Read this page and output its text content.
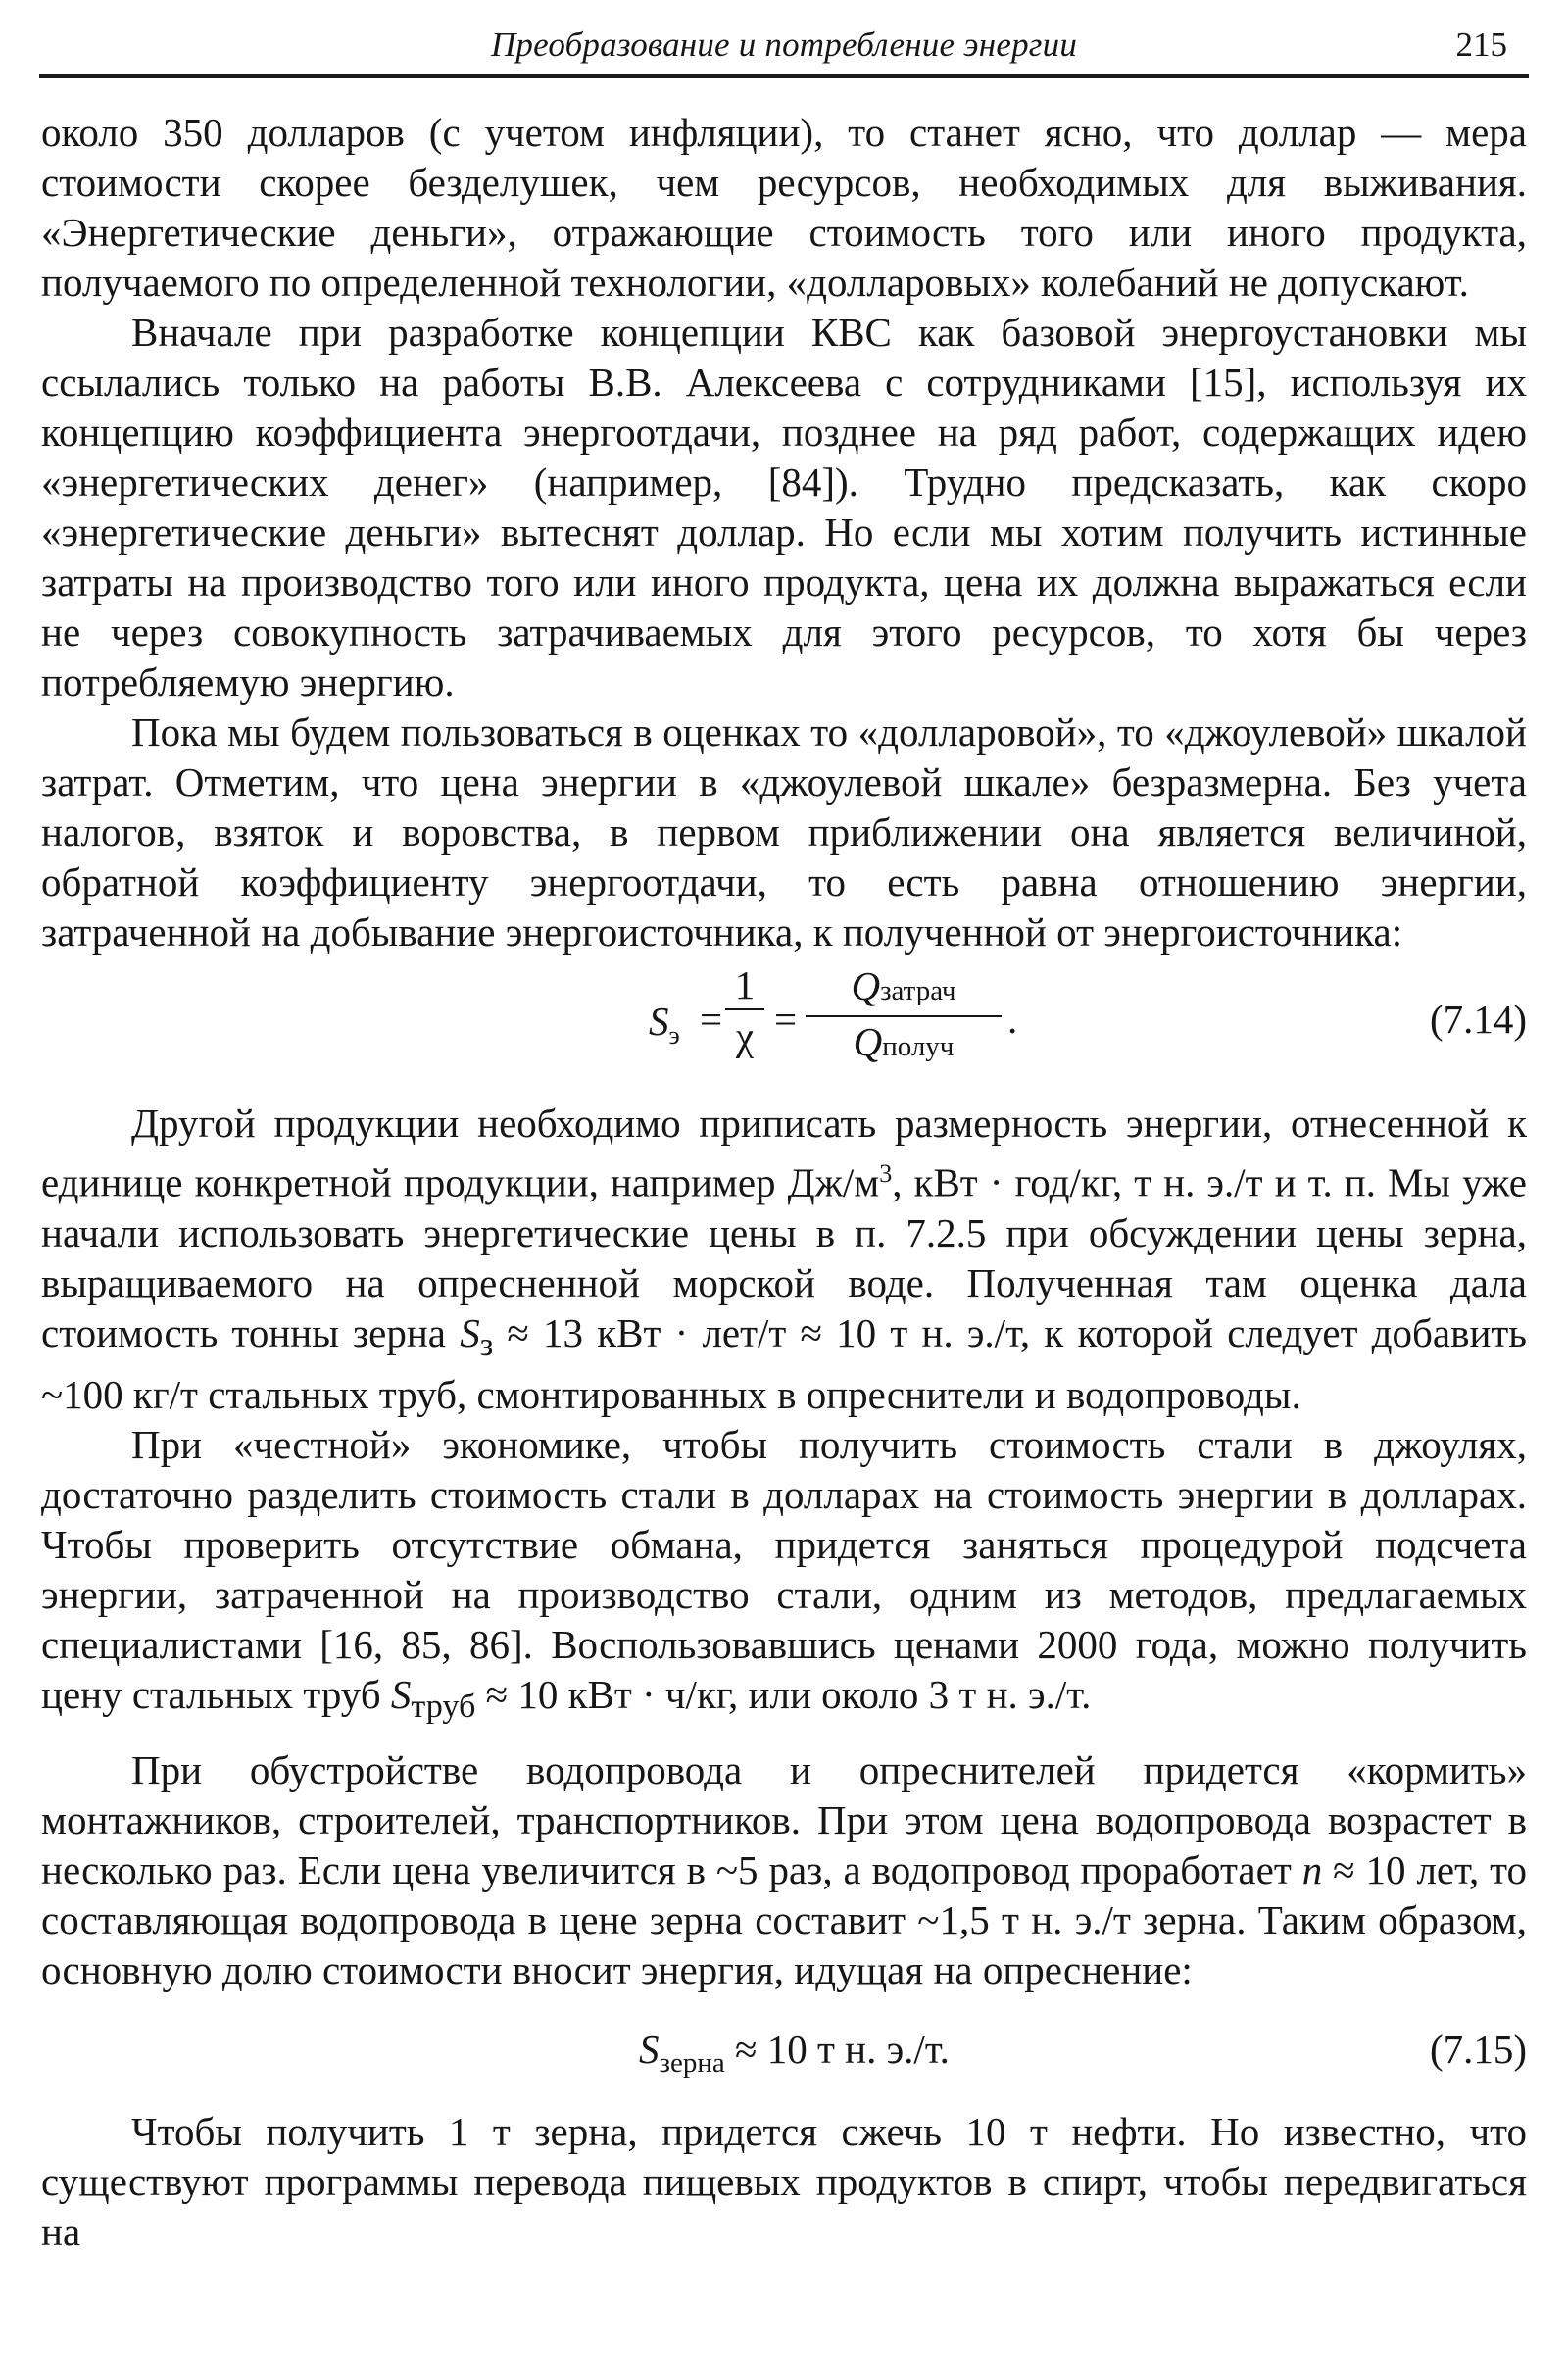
Преобразование и потребление энергии	215

около 350 долларов (с учетом инфляции), то станет ясно, что доллар — мера стоимости скорее безделушек, чем ресурсов, необходимых для выживания. «Энергетические деньги», отражающие стоимость того или иного продукта, получаемого по определенной технологии, «долларовых» колебаний не допускают.

Вначале при разработке концепции КВС как базовой энергоустановки мы ссылались только на работы В.В. Алексеева с сотрудниками [15], используя их концепцию коэффициента энергоотдачи, позднее на ряд работ, содержащих идею «энергетических денег» (например, [84]). Трудно предсказать, как скоро «энергетические деньги» вытеснят доллар. Но если мы хотим получить истинные затраты на производство того или иного продукта, цена их должна выражаться если не через совокупность затрачиваемых для этого ресурсов, то хотя бы через потребляемую энергию.

Пока мы будем пользоваться в оценках то «долларовой», то «джоулевой» шкалой затрат. Отметим, что цена энергии в «джоулевой шкале» безразмерна. Без учета налогов, взяток и воровства, в первом приближении она является величиной, обратной коэффициенту энергоотдачи, то есть равна отношению энергии, затраченной на добывание энергоисточника, к полученной от энергоисточника:

$S_э$ =
1
χ =
Qзатрач
Qполуч
.	(7.14)

Другой продукции необходимо приписать размерность энергии, отнесенной к единице конкретной продукции, например $Дж/м^3$, кВт · год/кг, т н. э./т и т. п. Мы уже начали использовать энергетические цены в п. 7.2.5 при обсуждении цены зерна, выращиваемого на опресненной морской воде. Полученная там оценка дала стоимость тонны зерна $S_з \approx 13$ кВт · лет/т ≈ 10 т н. э./т, к которой следует добавить ~100 кг/т стальных труб, смонтированных в опреснители и водопроводы.

При «честной» экономике, чтобы получить стоимость стали в джоулях, достаточно разделить стоимость стали в долларах на стоимость энергии в долларах. Чтобы проверить отсутствие обмана, придется заняться процедурой подсчета энергии, затраченной на производство стали, одним из методов, предлагаемых специалистами [16, 85, 86]. Воспользовавшись ценами 2000 года, можно получить цену стальных труб $S_{труб} \approx 10$ кВт · ч/кг, или около 3 т н. э./т.

При обустройстве водопровода и опреснителей придется «кормить» монтажников, строителей, транспортников. При этом цена водопровода возрастет в несколько раз. Если цена увеличится в ~5 раз, а водопровод проработает n ≈ 10 лет, то составляющая водопровода в цене зерна составит ~1,5 т н. э./т зерна. Таким образом, основную долю стоимости вносит энергия, идущая на опреснение:

$S_{зерна} \approx 10$ т н. э./т.	(7.15)

Чтобы получить 1 т зерна, придется сжечь 10 т нефти. Но известно, что существуют программы перевода пищевых продуктов в спирт, чтобы передвигаться на
